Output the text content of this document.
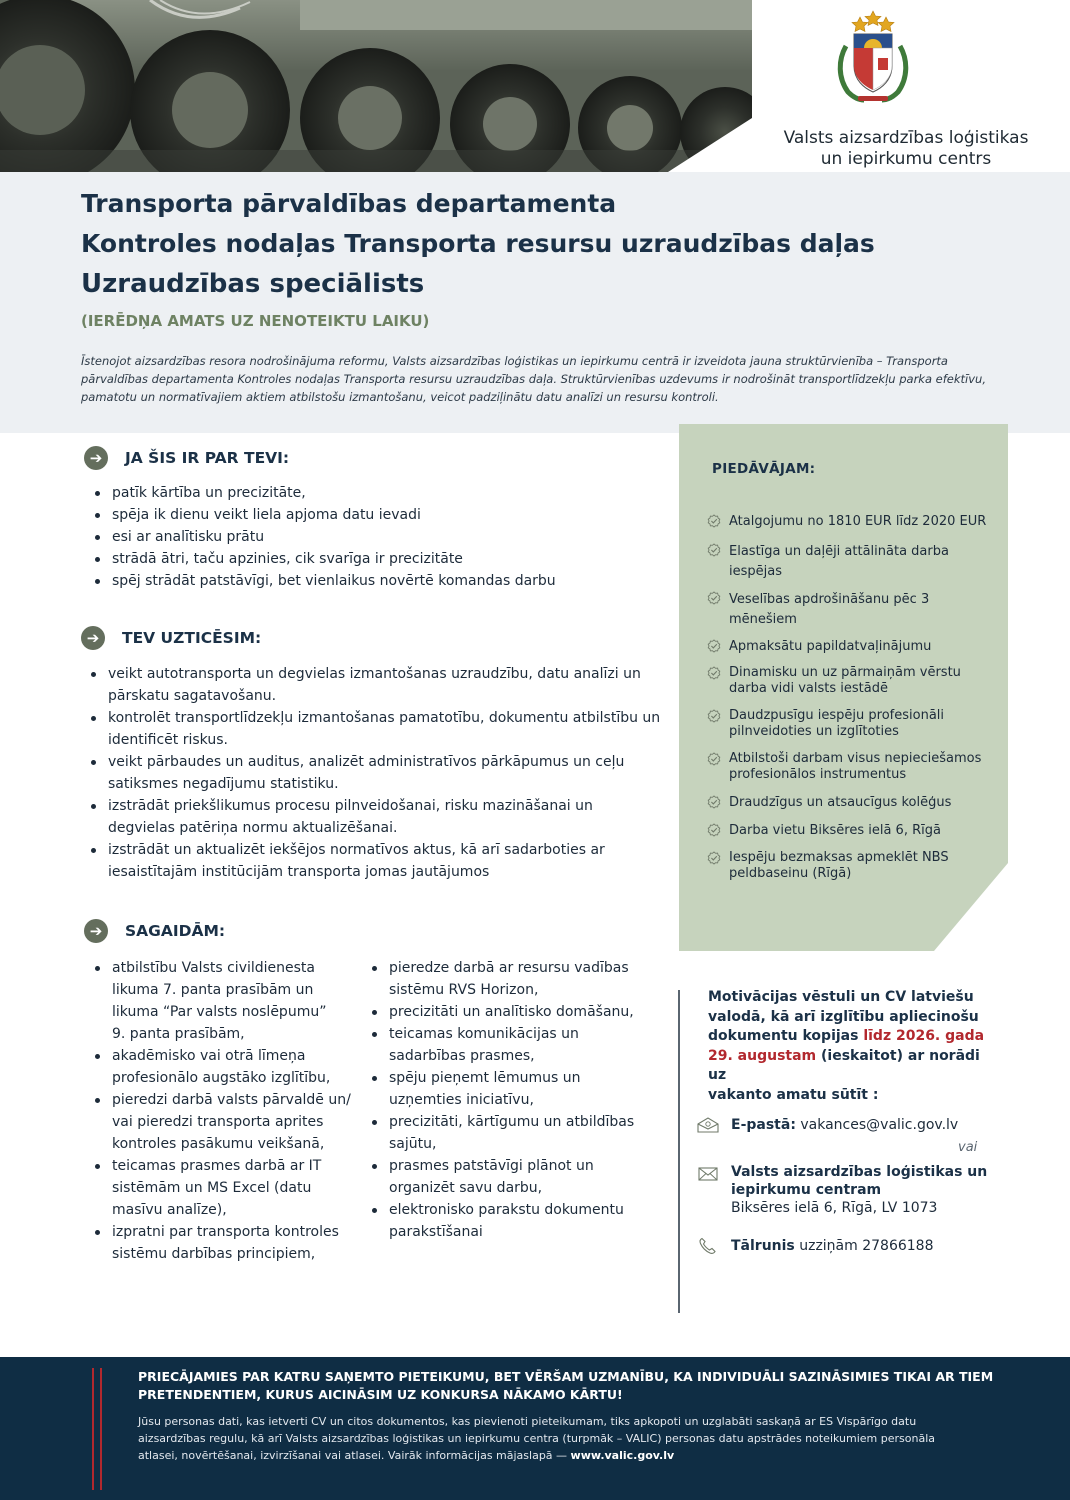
Valsts aizsardzības loģistikas
un iepirkumu centrs
Transporta pārvaldības departamenta
Kontroles nodaļas Transporta resursu uzraudzības daļas
Uzraudzības speciālists
(IERĒDŅA AMATS UZ NENOTEIKTU LAIKU)
Īstenojot aizsardzības resora nodrošinājuma reformu, Valsts aizsardzības loģistikas un iepirkumu centrā ir izveidota jauna struktūrvienība – Transporta pārvaldības departamenta Kontroles nodaļas Transporta resursu uzraudzības daļa. Struktūrvienības uzdevums ir nodrošināt transportlīdzekļu parka efektīvu, pamatotu un normatīvajiem aktiem atbilstošu izmantošanu, veicot padziļinātu datu analīzi un resursu kontroli.
➔	JA ŠIS IR PAR TEVI:
patīk kārtība un precizitāte,
spēja ik dienu veikt liela apjoma datu ievadi
esi ar analītisku prātu
strādā ātri, taču apzinies, cik svarīga ir precizitāte
spēj strādāt patstāvīgi, bet vienlaikus novērtē komandas darbu
➔	TEV UZTICĒSIM:
veikt autotransporta un degvielas izmantošanas uzraudzību, datu analīzi un
pārskatu sagatavošanu.
kontrolēt transportlīdzekļu izmantošanas pamatotību, dokumentu atbilstību un
identificēt riskus.
veikt pārbaudes un auditus, analizēt administratīvos pārkāpumus un ceļu
satiksmes negadījumu statistiku.
izstrādāt priekšlikumus procesu pilnveidošanai, risku mazināšanai un
degvielas patēriņa normu aktualizēšanai.
izstrādāt un aktualizēt iekšējos normatīvos aktus, kā arī sadarboties ar
iesaistītajām institūcijām transporta jomas jautājumos
➔	SAGAIDĀM:
atbilstību Valsts civildienesta
likuma 7. panta prasībām un
likuma “Par valsts noslēpumu”
9. panta prasībām,
akadēmisko vai otrā līmeņa
profesionālo augstāko izglītību,
pieredzi darbā valsts pārvaldē un/
vai pieredzi transporta aprites
kontroles pasākumu veikšanā,
teicamas prasmes darbā ar IT
sistēmām un MS Excel (datu
masīvu analīze),
izpratni par transporta kontroles
sistēmu darbības principiem,
pieredze darbā ar resursu vadības
sistēmu RVS Horizon,
precizitāti un analītisko domāšanu,
teicamas komunikācijas un
sadarbības prasmes,
spēju pieņemt lēmumus un
uzņemties iniciatīvu,
precizitāti, kārtīgumu un atbildības
sajūtu,
prasmes patstāvīgi plānot un
organizēt savu darbu,
elektronisko parakstu dokumentu
parakstīšanai
PIEDĀVĀJAM:
Atalgojumu no 1810 EUR līdz 2020 EUR
Elastīga un daļēji attālināta darba
iespējas
Veselības apdrošināšanu pēc 3
mēnešiem
Apmaksātu papildatvaļinājumu
Dinamisku un uz pārmaiņām vērstu
darba vidi valsts iestādē
Daudzpusīgu iespēju profesionāli
pilnveidoties un izglītoties
Atbilstoši darbam visus nepieciešamos
profesionālos instrumentus
Draudzīgus un atsaucīgus kolēģus
Darba vietu Biksēres ielā 6, Rīgā
Iespēju bezmaksas apmeklēt NBS
peldbaseinu (Rīgā)
Motivācijas vēstuli un CV latviešu
valodā, kā arī izglītību apliecinošu
dokumentu kopijas līdz 2026. gada
29. augustam (ieskaitot) ar norādi uz
vakanto amatu sūtīt :
E-pastā: vakances@valic.gov.lv
vai
Valsts aizsardzības loģistikas un
iepirkumu centram
Biksēres ielā 6, Rīgā, LV 1073
Tālrunis uzziņām 27866188
PRIECĀJAMIES PAR KATRU SAŅEMTO PIETEIKUMU, BET VĒRŠAM UZMANĪBU, KA INDIVIDUĀLI SAZINĀSIMIES TIKAI AR TIEM
PRETENDENTIEM, KURUS AICINĀSIM UZ KONKURSA NĀKAMO KĀRTU!
Jūsu personas dati, kas ietverti CV un citos dokumentos, kas pievienoti pieteikumam, tiks apkopoti un uzglabāti saskaņā ar ES Vispārīgo datu
aizsardzības regulu, kā arī Valsts aizsardzības loģistikas un iepirkumu centra (turpmāk – VALIC) personas datu apstrādes noteikumiem personāla
atlasei, novērtēšanai, izvirzīšanai vai atlasei. Vairāk informācijas mājaslapā — www.valic.gov.lv
